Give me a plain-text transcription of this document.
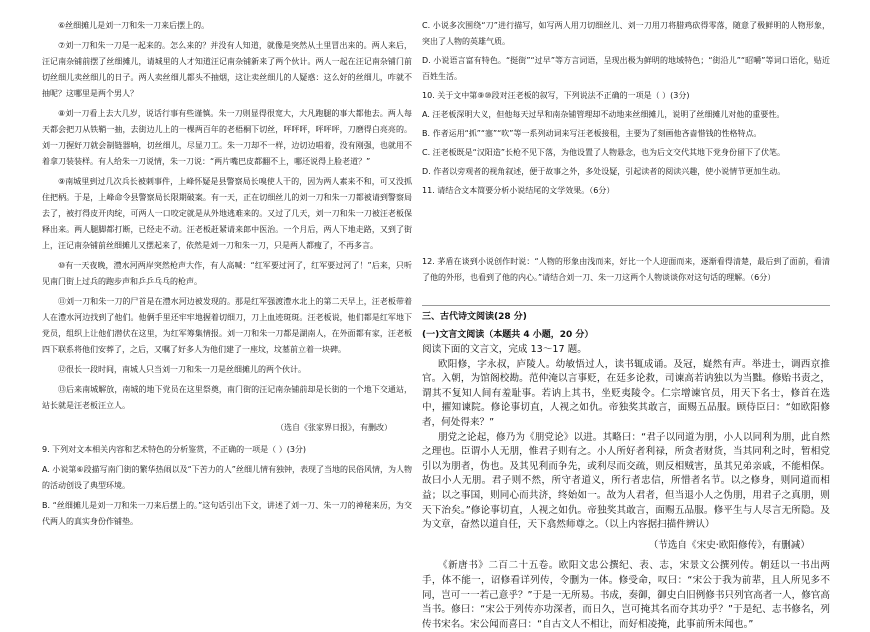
⑥丝细摊儿是刘一刀和朱一刀来后摆上的。

⑦刘一刀和朱一刀是一起来的。怎么来的？并没有人知道，就像是突然从土里冒出来的。两人来后，汪记南杂铺前摆了丝细摊儿，请城里的人才知道汪记南杂铺新来了两个伙计。两人一起在汪记南杂铺门前切丝细儿卖丝细儿的日子。两人卖丝细儿都头不抽烟，这让卖丝细儿的人疑惑：这么好的丝细儿，咋就不抽呢？这哪里是两个男人？

⑧刘一刀看上去大几岁，说话行事有些谨慎。朱一刀则显得很宽大，大凡跑腿的事大都他去。两人每天都会把刀从铁鞘一抽，去街边儿上的一棵两百年的老梧桐下切丝，呯呯呯，呯呯呯，刀磨得白亮亮的。刘一刀握好刀就会制链器响，切丝细儿，尽显刀工。朱一刀却不一样，边切边唱着，没有刚强，也就用不着拿刀装装样。有人给朱一刀说情，朱一刀说：“两片嘴巴皮都翻不上，哪还说得上脸老道？”

⑨南城里到过几次兵长被刺事件，上峰怀疑是县警察局长嗅使人干的，因为两人素来不和，可又没抓住把柄。于是，上峰命令县警察局长限期破案。有一天，正在切细丝儿的刘一刀和朱一刀都被请到警察局去了，被打得皮开肉绽，可两人一口咬定就是从外地逃难来的。又过了几天，刘一刀和朱一刀被汪老板保释出来。两人腿脚都打断，已经走不动。汪老板赶紧请来郎中医治。一个月后，两人下地走路，又到了街上，汪记南杂铺前丝细摊儿又摆起来了，依然是刘一刀和朱一刀，只是两人都瘦了，不再多言。

⑩有一天夜晚，澧水河两岸突然枪声大作，有人高喊：“红军要过河了，红军要过河了！”后来，只听见南门街上过兵的跑步声和乒乒乓乓的枪声。

⑪刘一刀和朱一刀的尸首是在澧水河边被发现的。那是红军强渡澧水北上的第二天早上，汪老板带着人在澧水河边找到了他们。他俩手里还牢牢地握着切细刀，刀上血迹斑斑。汪老板说，他们都是红军地下党员，组织上让他们潜伏在这里，为红军筹集情报。刘一刀和朱一刀都是湖南人，在外面都有家，汪老板四下联系将他们安葬了，之后，又嘱了好多人为他们建了一座坟，坟墓前立着一块碑。

⑫很长一段时间，南城人只当刘一刀和朱一刀是丝细摊儿的两个伙计。

⑬后来南城解放，南城的地下党员在这里祭奠，南门街的汪记南杂铺前却是长街的一个地下交通站，站长就是汪老板汪立人。

（选自《张家界日报》，有删改）

9. 下列对文本相关内容和艺术特色的分析鉴赏，不正确的一项是（ ）(3分)

A. 小说第⑥段描写南门街的繁华热闹以及“下苦力的人”丝细儿情有独钟，表现了当地的民俗风情，为人物的活动创设了典型环境。

B. “丝细摊儿是刘一刀和朱一刀来后摆上的。”这句话引出下文，讲述了刘一刀、朱一刀的神秘来历，为交代两人的真实身份作铺垫。

C. 小说多次围绕“刀”进行描写，如写两人用刀切细丝儿、刘一刀用刀将腊鸡砍得零落，随意了极鲜明的人物形象，突出了人物的英雄气质。

D. 小说语言富有特色。“挺街”“过早”等方言词语，呈现出极为鲜明的地域特色；“街沿儿”“昭嚼”等词口语化，贴近百姓生活。

10. 关于文中第⑨⑩段对汪老板的叙写，下列说法不正确的一项是（ ）(3分)

A. 汪老板深明大义，但他每天过早和南杂铺管理却不动地来丝细摊儿，说明了丝细摊儿对他的重要性。

B. 作者运用“抓”“塞”“吹”等一系列动词来写汪老板接租，主要为了刻画他吝啬惜钱的性格特点。

C. 汪老板既是“汉阳造”长枪不见下落，为他设置了人物悬念，也为后文交代其地下党身份留下了伏笔。

D. 作者以旁观者的视角叙述，便于故事之外，多处设疑，引起读者的阅读兴趣，使小说情节更加生动。

11. 请结合文本简要分析小说结尾的文学效果。（6分）

12. 茅盾在谈到小说创作时说：“人物的形象由浅而来，好比一个人迎面而来，逐渐看得清楚，最后到了面前，看清了他的外形，也看到了他的内心。”请结合刘一刀、朱一刀这两个人物谈谈你对这句话的理解。（6分）

三、古代诗文阅读(28 分)

(一)文言文阅读（本题共 4 小题，20 分）

阅读下面的文言文，完成 13～17 题。

欧阳修，字永叔，庐陵人。幼敏悟过人，读书辄成诵。及冠，嶷然有声。举进士，调西京推官。入朝，为馆阁校勘。范仲淹以言事贬，在廷多论救，司谏高若讷独以为当黜。修贻书责之，谓其不复知人间有羞耻事。若讷上其书，坐贬夷陵令。仁宗增谏官员，用天下名士，修首在选中，擢知谏院。修论事切直，人视之如仇。帝独奖其敢言，面赐五品服。顾侍臣曰：“如欧阳修者，何处得来？”

朋党之论起，修乃为《朋党论》以进。其略曰：“君子以同道为朋，小人以同利为朋，此自然之理也。臣谓小人无朋，惟君子则有之。小人所好者利禄，所贪者财货，当其同利之时，暂相党引以为朋者，伪也。及其见利而争先，或利尽而交疏，则反相贼害，虽其兄弟亲戚，不能相保。故曰小人无朋。君子则不然，所守者道义，所行者忠信，所惜者名节。以之修身，则同道而相益；以之事国，则同心而共济，终始如一。故为人君者，但当退小人之伪朋，用君子之真朋，则天下治矣。”修论事切直，人视之如仇。帝独奖其敢言，面赐五品服。修平生与人尽言无所隐。及为文章，奋然以道自任，天下翕然师尊之。（以上内容据扫描件辨认）

（节选自《宋史·欧阳修传》，有删减）

《新唐书》二百二十五卷。欧阳文忠公撰纪、表、志，宋景文公撰列传。朝廷以一书出两手，体不能一，诏修看详列传，令删为一体。修受命，叹曰：“宋公于我为前辈，且人所见多不同，岂可一一若己意乎？”于是一无所易。书成，奏御，御史白旧例修书只列官高者一人，修官高当书。修曰：“宋公于列传亦功深者，而日久，岂可掩其名而夺其功乎？”于是纪、志书修名，列传书宋名。宋公闻而喜曰：“自古文人不相让，而好相凌掩，此事前所未闻也。”
